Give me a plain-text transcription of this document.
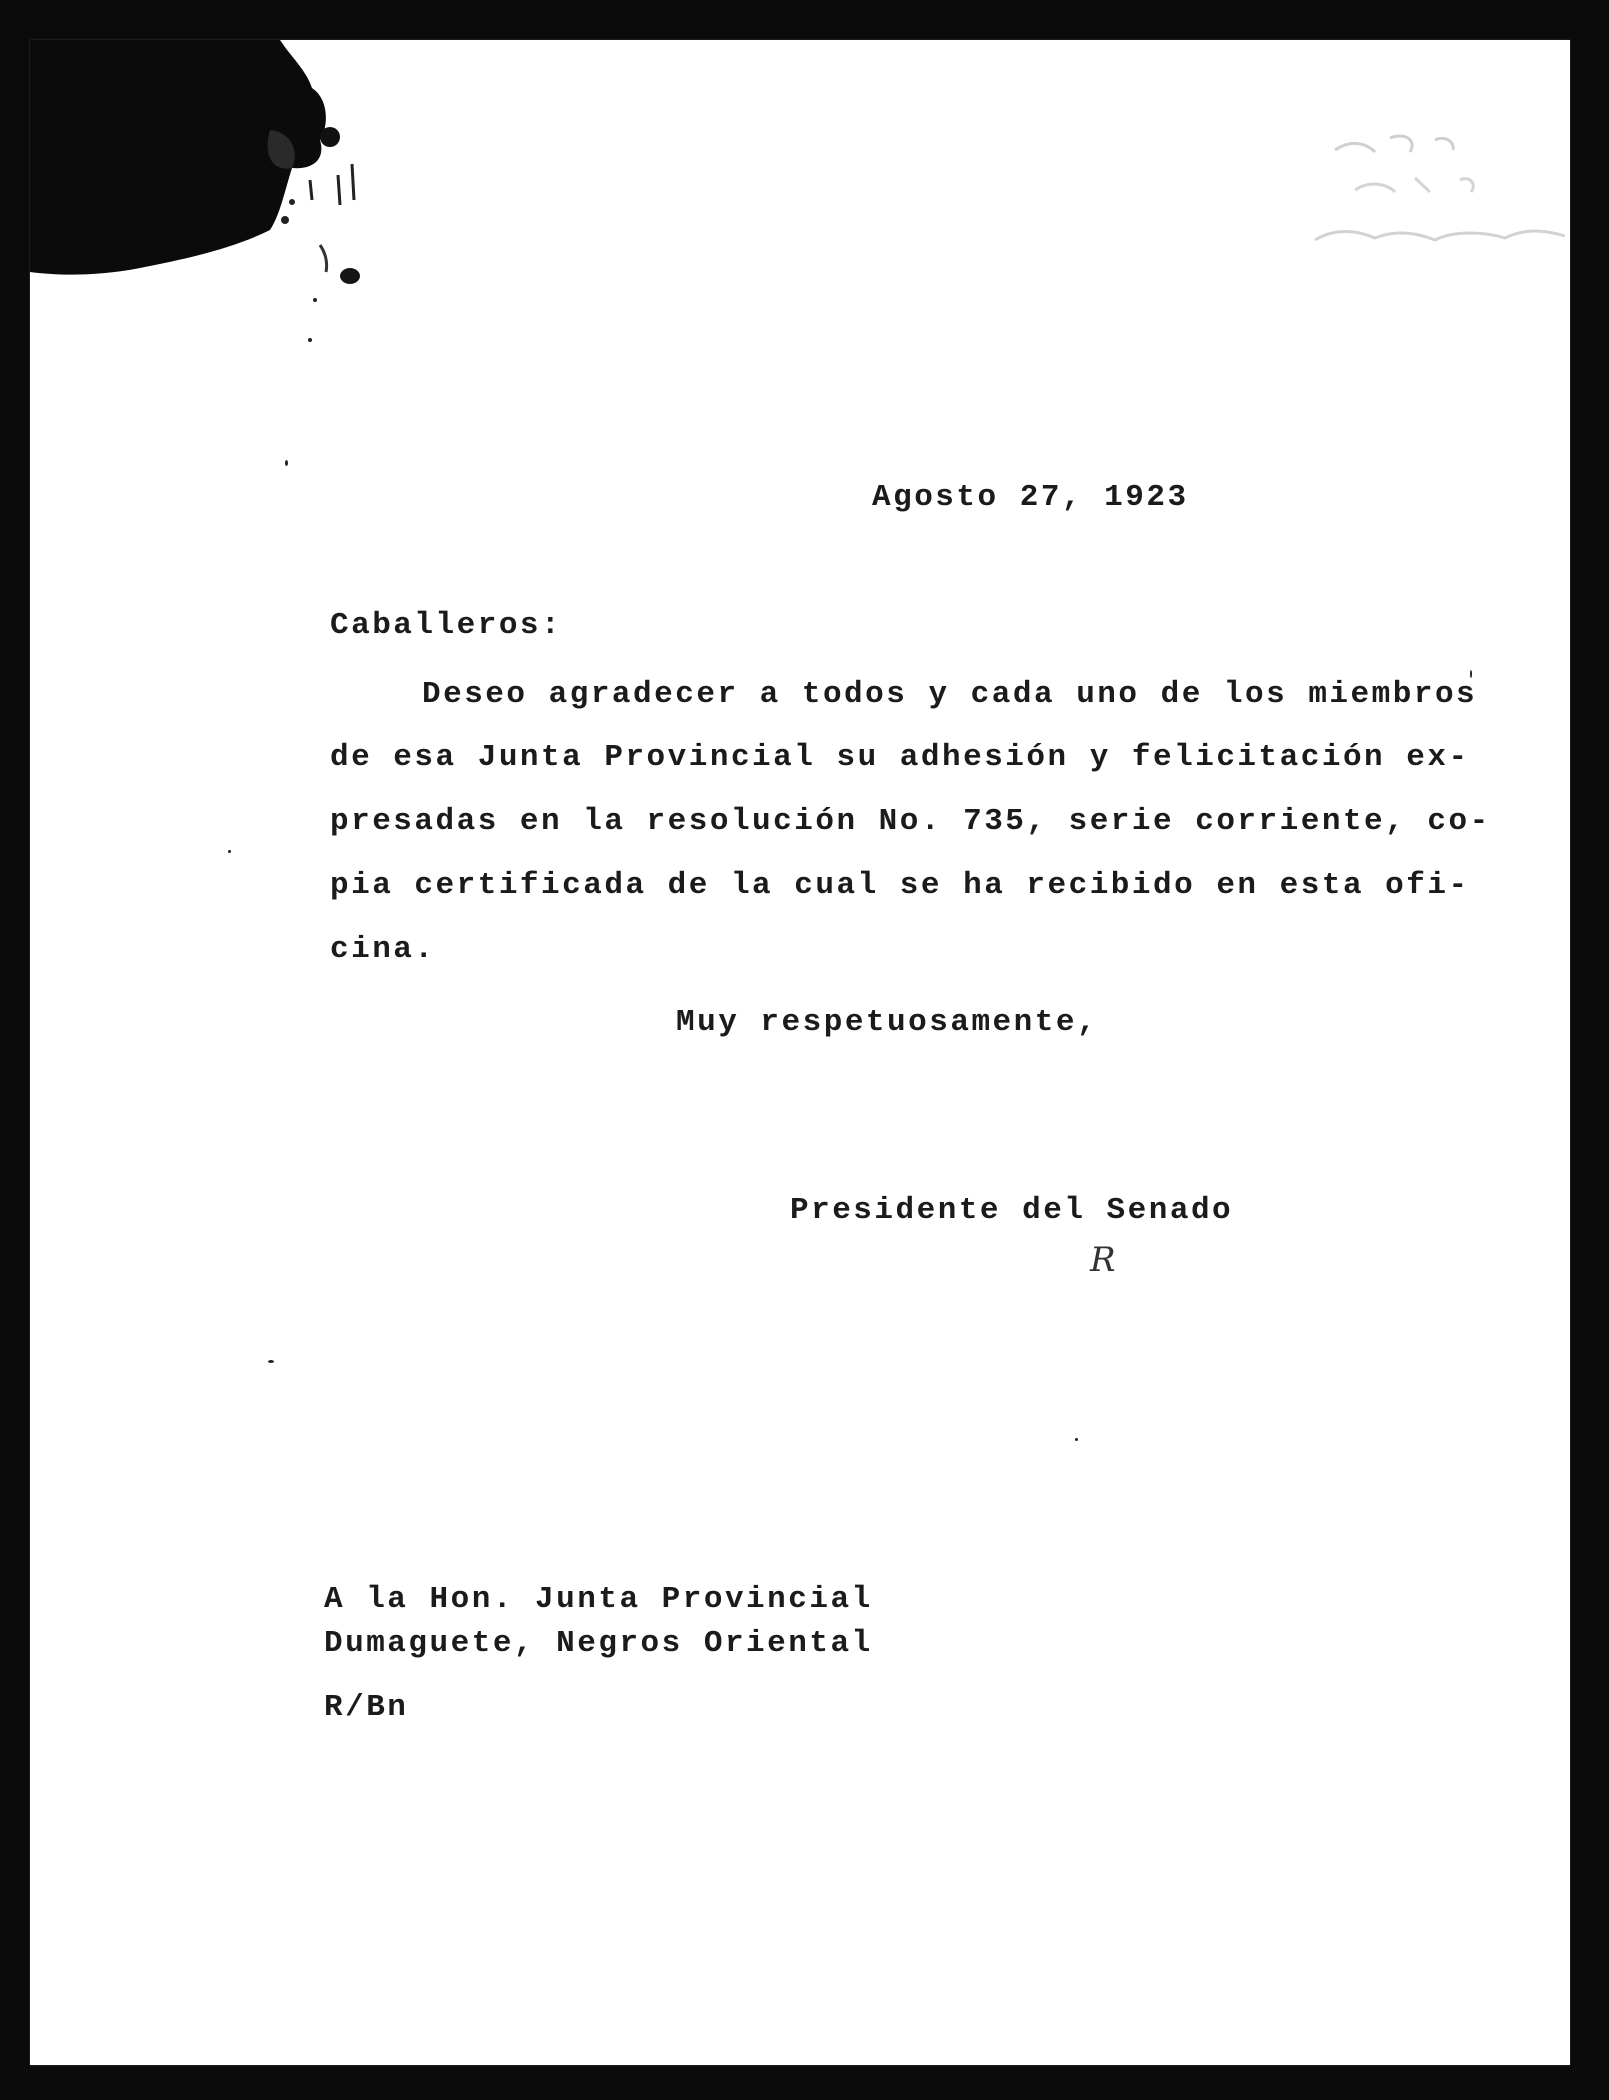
Agosto 27, 1923

Caballeros:

Deseo agradecer a todos y cada uno de los miembros

de esa Junta Provincial su adhesión y felicitación ex-

presadas en la resolución No. 735, serie corriente, co-

pia certificada de la cual se ha recibido en esta ofi-

cina.

Muy respetuosamente,

Presidente del Senado

R

A la Hon. Junta Provincial

Dumaguete, Negros Oriental

R/Bn
